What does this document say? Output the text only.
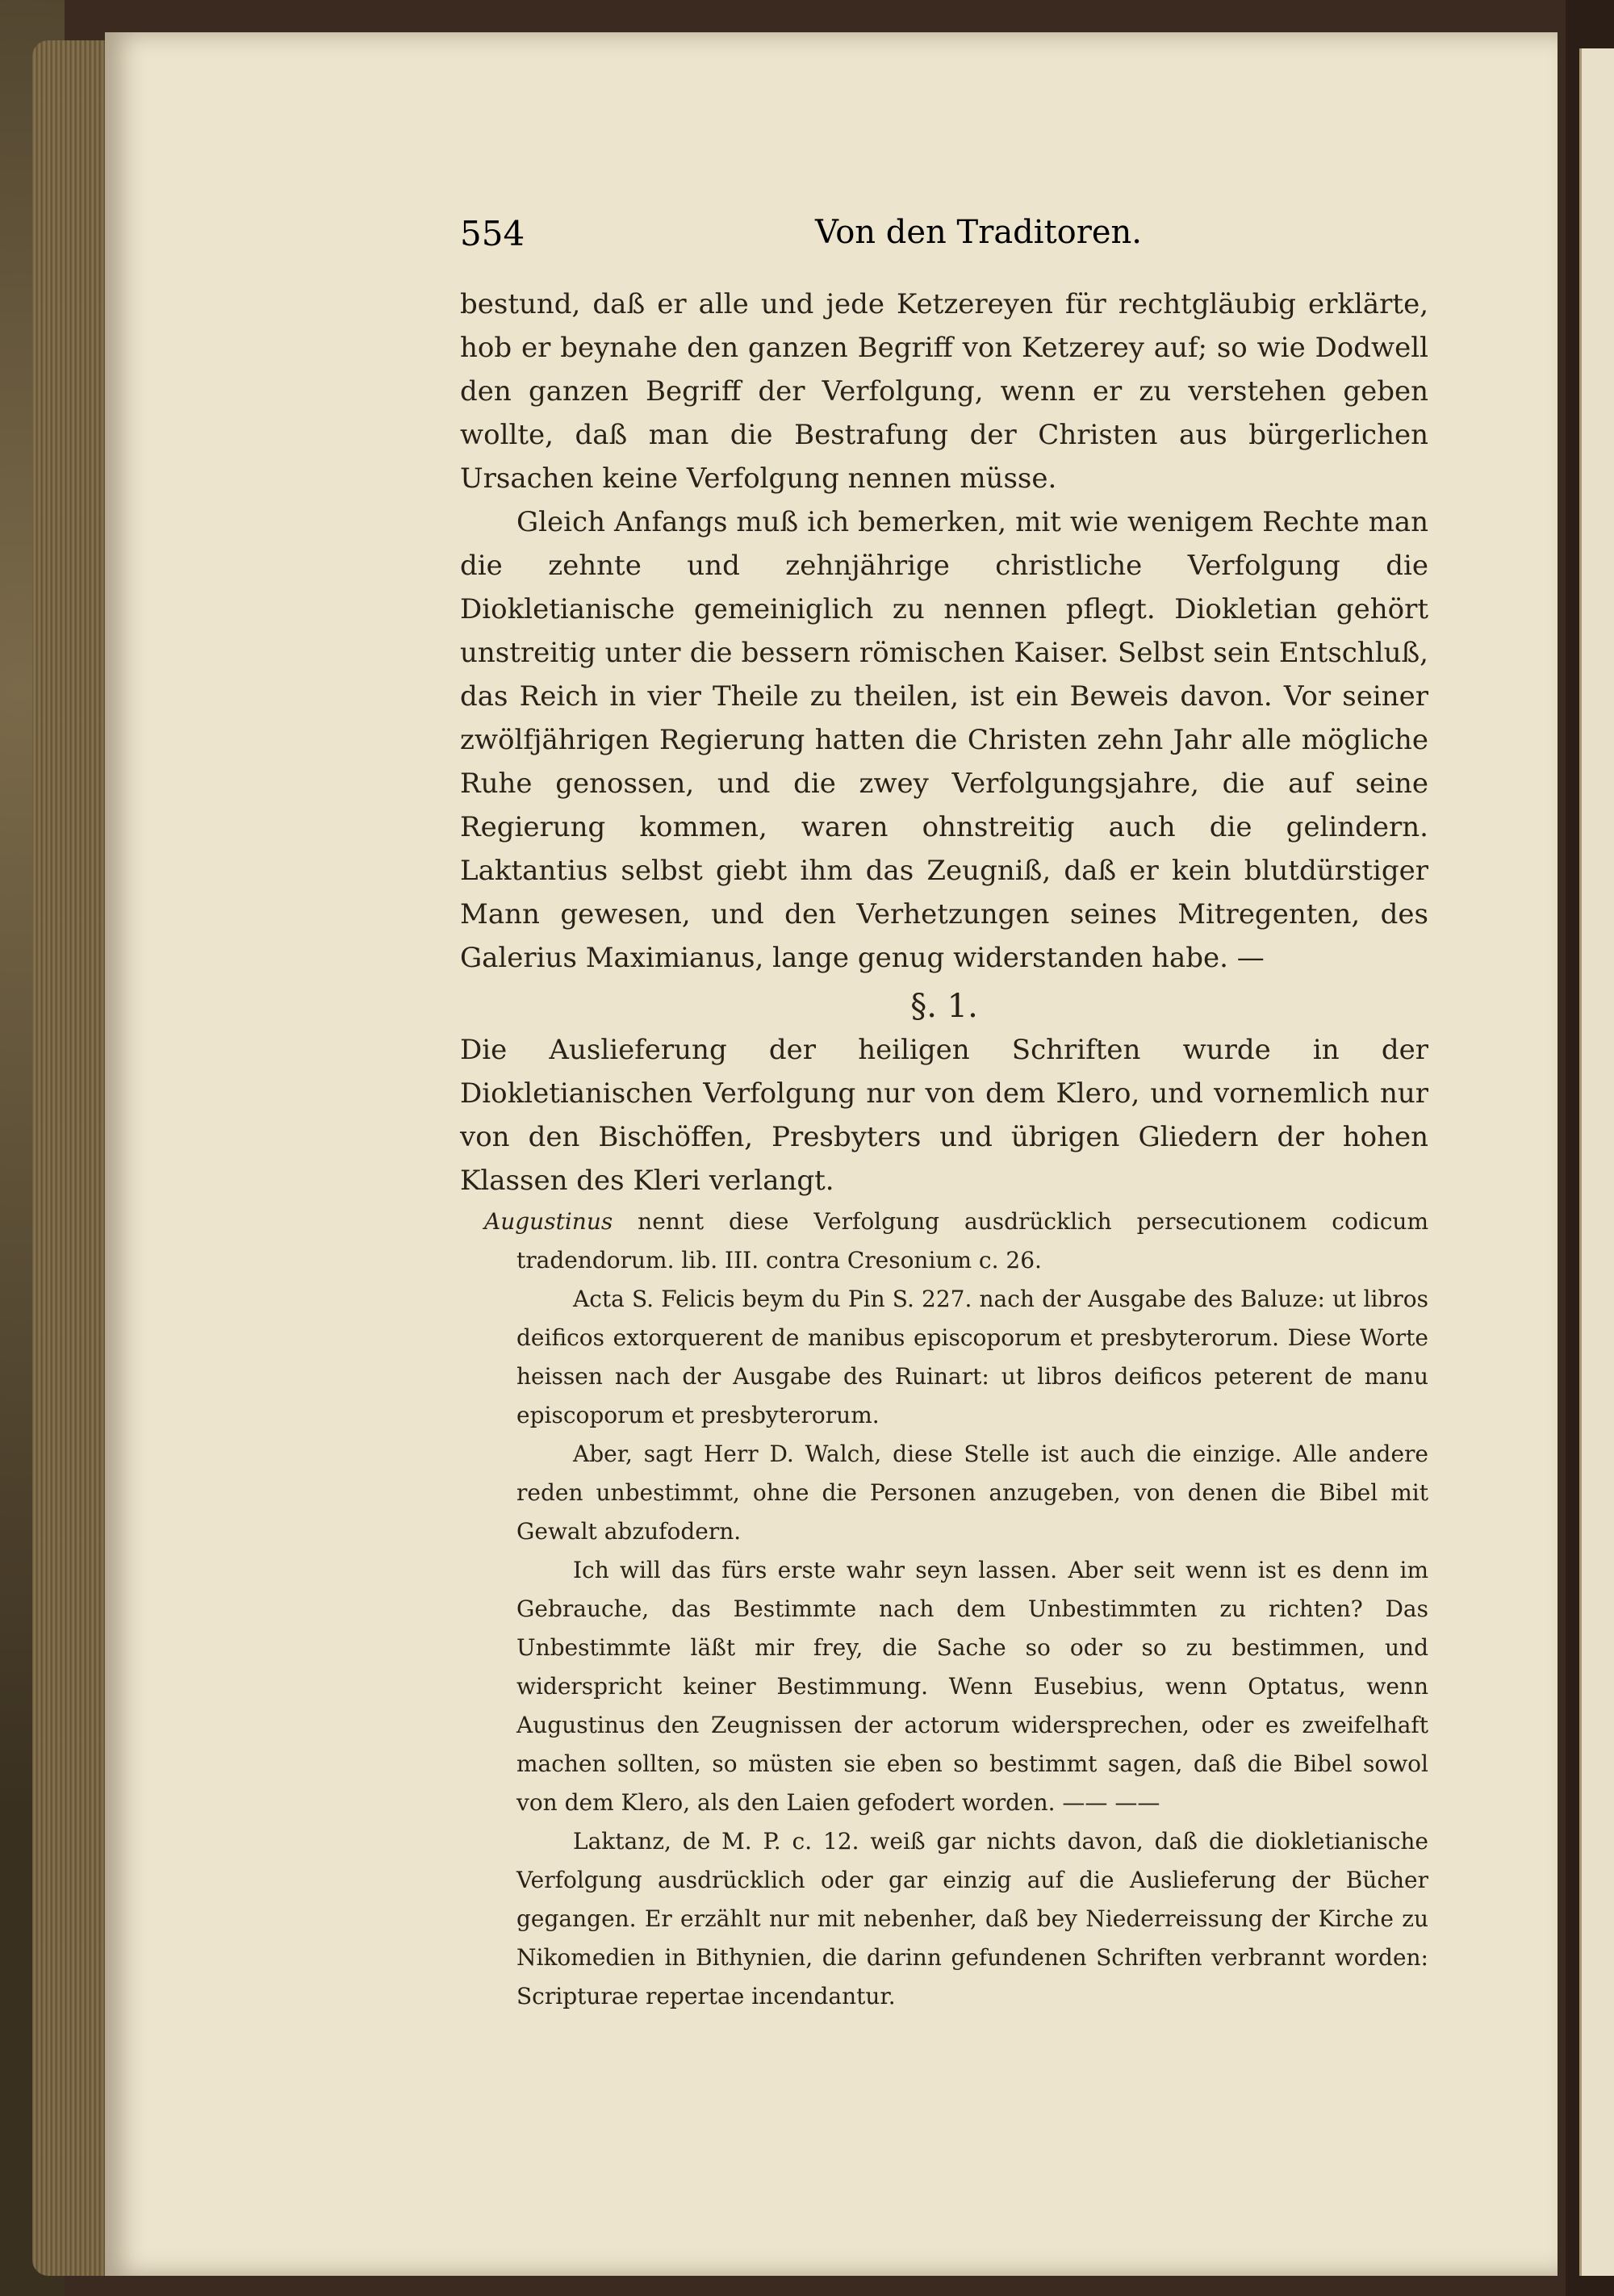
554	Von den Traditoren.

bestund, daß er alle und jede Ketzereyen für rechtgläubig erklärte, hob er beynahe den ganzen Begriff von Ketzerey auf; so wie Dodwell den ganzen Begriff der Verfolgung, wenn er zu verstehen geben wollte, daß man die Bestrafung der Christen aus bürgerlichen Ursachen keine Verfolgung nennen müsse.

Gleich Anfangs muß ich bemerken, mit wie wenigem Rechte man die zehnte und zehnjährige christliche Verfolgung die Diokletianische gemeiniglich zu nennen pflegt. Diokletian gehört unstreitig unter die bessern römischen Kaiser. Selbst sein Entschluß, das Reich in vier Theile zu theilen, ist ein Beweis davon. Vor seiner zwölfjährigen Regierung hatten die Christen zehn Jahr alle mögliche Ruhe genossen, und die zwey Verfolgungsjahre, die auf seine Regierung kommen, waren ohnstreitig auch die gelindern. Laktantius selbst giebt ihm das Zeugniß, daß er kein blutdürstiger Mann gewesen, und den Verhetzungen seines Mitregenten, des Galerius Maximianus, lange genug widerstanden habe. —

§. 1.

Die Auslieferung der heiligen Schriften wurde in der Diokletianischen Verfolgung nur von dem Klero, und vornemlich nur von den Bischöffen, Presbyters und übrigen Gliedern der hohen Klassen des Kleri verlangt.

Augustinus nennt diese Verfolgung ausdrücklich persecutionem codicum tradendorum. lib. III. contra Cresonium c. 26.

Acta S. Felicis beym du Pin S. 227. nach der Ausgabe des Baluze: ut libros deificos extorquerent de manibus episcoporum et presbyterorum. Diese Worte heissen nach der Ausgabe des Ruinart: ut libros deificos peterent de manu episcoporum et presbyterorum.

Aber, sagt Herr D. Walch, diese Stelle ist auch die einzige. Alle andere reden unbestimmt, ohne die Personen anzugeben, von denen die Bibel mit Gewalt abzufodern.

Ich will das fürs erste wahr seyn lassen. Aber seit wenn ist es denn im Gebrauche, das Bestimmte nach dem Unbestimmten zu richten? Das Unbestimmte läßt mir frey, die Sache so oder so zu bestimmen, und widerspricht keiner Bestimmung. Wenn Eusebius, wenn Optatus, wenn Augustinus den Zeugnissen der actorum widersprechen, oder es zweifelhaft machen sollten, so müsten sie eben so bestimmt sagen, daß die Bibel sowol von dem Klero, als den Laien gefodert worden. —— ——

Laktanz, de M. P. c. 12. weiß gar nichts davon, daß die diokletianische Verfolgung ausdrücklich oder gar einzig auf die Auslieferung der Bücher gegangen. Er erzählt nur mit nebenher, daß bey Niederreissung der Kirche zu Nikomedien in Bithynien, die darinn gefundenen Schriften verbrannt worden: Scripturae repertae incendantur.
